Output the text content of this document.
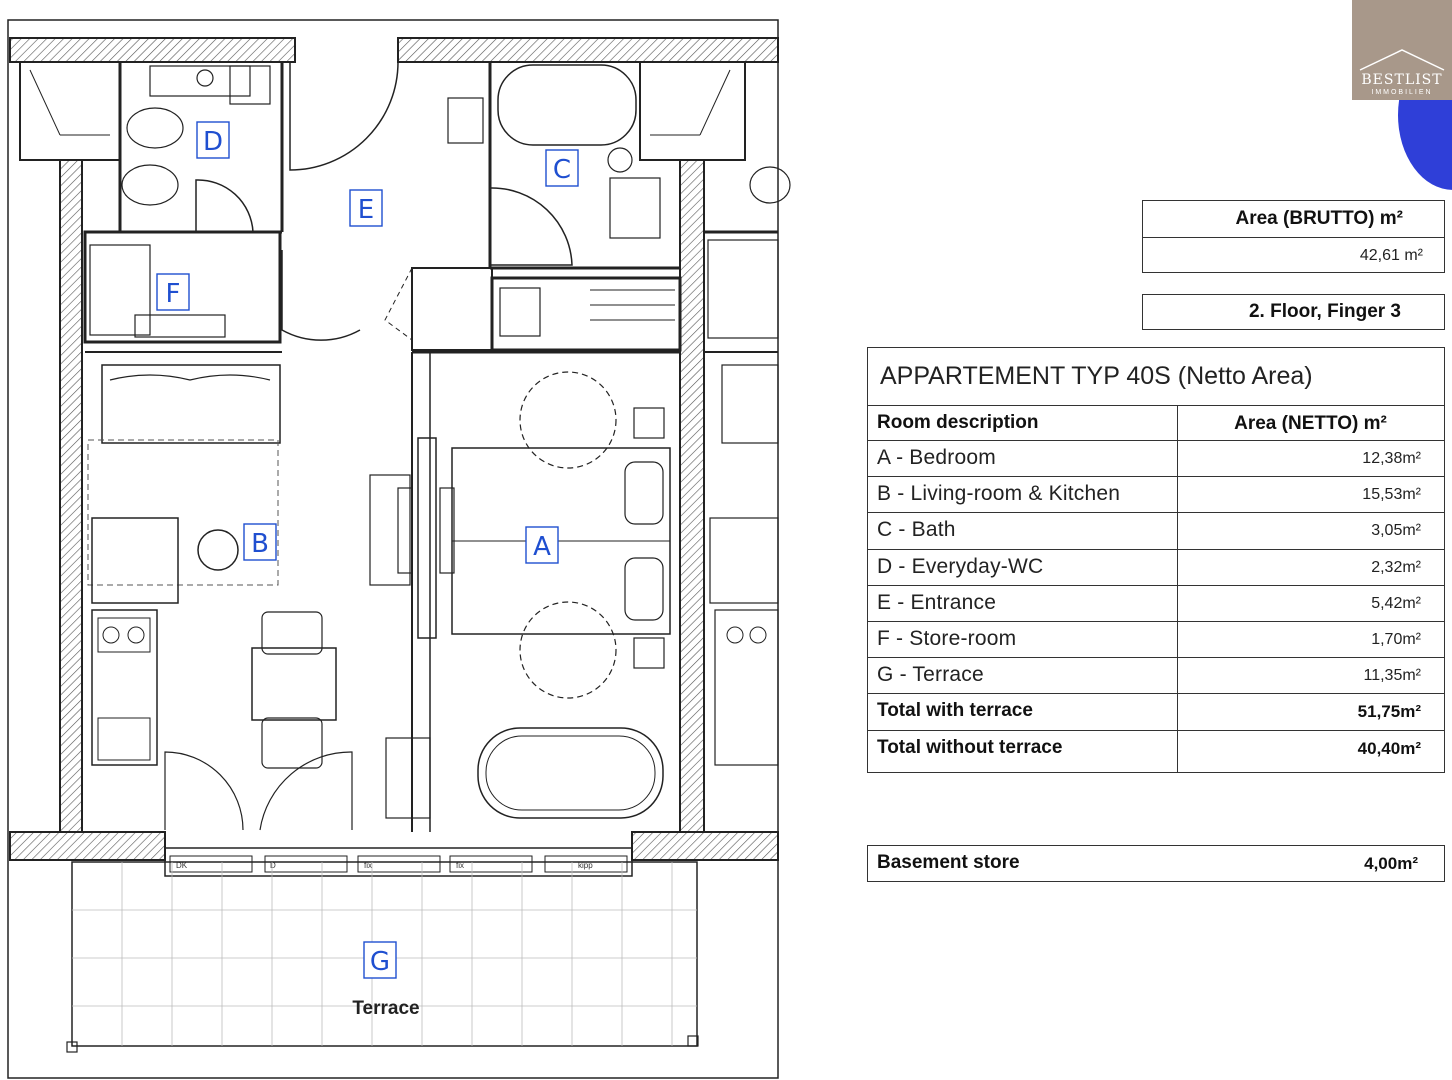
DK	D	fix	fix	kipp
A
B
C
D
E
F
G
Terrace
BESTLIST
IMMOBILIEN
Area (BRUTTO) m²
42,61 m²
2. Floor, Finger 3
APPARTEMENT TYP 40S (Netto Area)
Room description	Area (NETTO) m²
A - Bedroom	12,38m²
B - Living-room & Kitchen	15,53m²
C - Bath	3,05m²
D - Everyday-WC	2,32m²
E - Entrance	5,42m²
F - Store-room	1,70m²
G - Terrace	11,35m²
Total with terrace	51,75m²
Total without terrace	40,40m²
Basement store	4,00m²
